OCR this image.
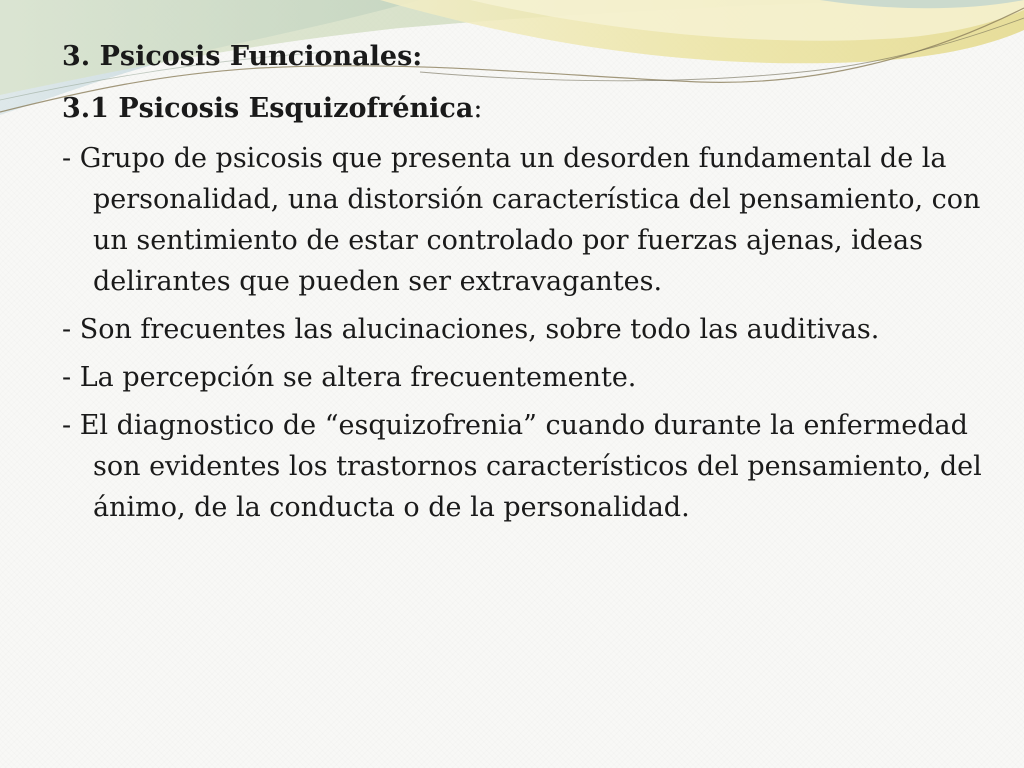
3. Psicosis Funcionales:

3.1 Psicosis Esquizofrénica:

- Grupo de psicosis que presenta un desorden fundamental de la personalidad, una distorsión característica del pensamiento, con un sentimiento de estar controlado por fuerzas ajenas, ideas delirantes que pueden ser extravagantes.

- Son frecuentes las alucinaciones, sobre todo las auditivas.

- La percepción se altera frecuentemente.

- El diagnostico de “esquizofrenia” cuando durante la enfermedad son evidentes los trastornos característicos del pensamiento, del ánimo, de la conducta o de la personalidad.
